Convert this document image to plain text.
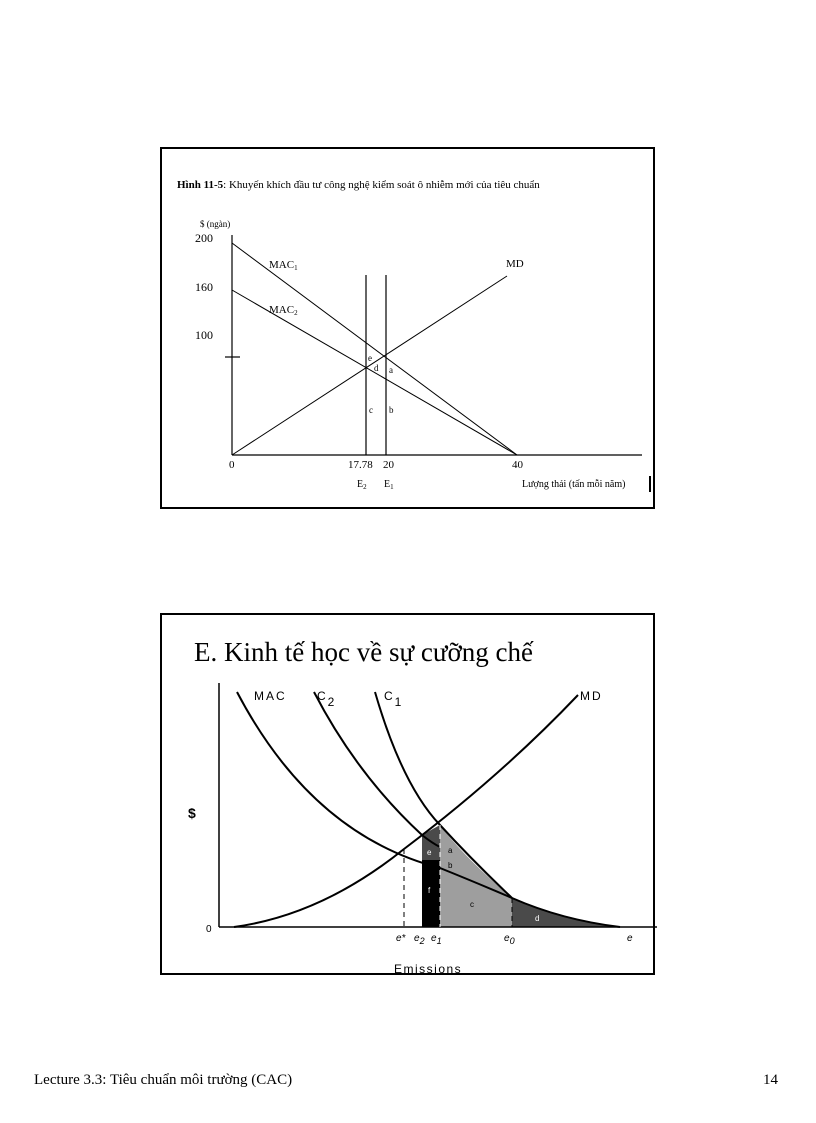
Hình 11-5: Khuyến khích đầu tư công nghệ kiểm soát ô nhiễm mới của tiêu chuẩn
$ (ngàn)
200
160
100
MAC1
MAC2
MD
e
d a
c b
0	17.78 20	40
$E_2$ $E_1$	Lượng thải (tấn mỗi năm)
E. Kinh tế học về sự cưỡng chế
MAC	C 2	C 1	MD
$
0
e a
b
f
c
d
e* e2 e1	e0	e
Emissions
Lecture 3.3: Tiêu chuẩn môi trường (CAC)	14
